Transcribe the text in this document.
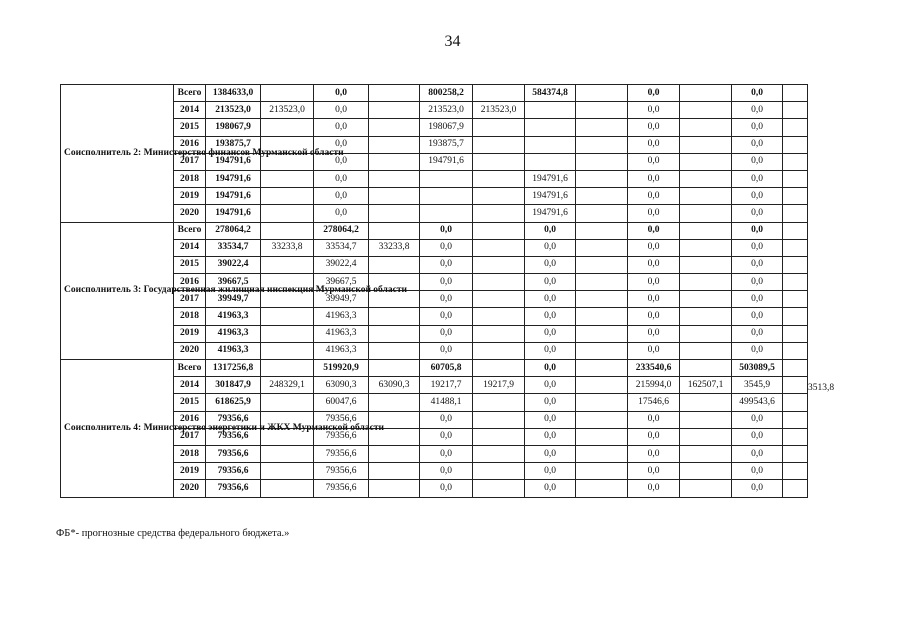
34
Соисполнитель 2: Министерство финансов Мурманской области	Всего	1384633,0		0,0		800258,2		584374,8		0,0		0,0	
	2014	213523,0	213523,0	0,0		213523,0	213523,0			0,0		0,0	
	2015	198067,9		0,0		198067,9				0,0		0,0	
	2016	193875,7		0,0		193875,7				0,0		0,0	
	2017	194791,6		0,0		194791,6				0,0		0,0	
	2018	194791,6		0,0				194791,6		0,0		0,0	
	2019	194791,6		0,0				194791,6		0,0		0,0	
	2020	194791,6		0,0				194791,6		0,0		0,0	
Соисполнитель 3: Государственная жилищная инспекция Мурманской области	Всего	278064,2		278064,2		0,0		0,0		0,0		0,0	
	2014	33534,7	33233,8	33534,7	33233,8	0,0		0,0		0,0		0,0	
	2015	39022,4		39022,4		0,0		0,0		0,0		0,0	
	2016	39667,5		39667,5		0,0		0,0		0,0		0,0	
	2017	39949,7		39949,7		0,0		0,0		0,0		0,0	
	2018	41963,3		41963,3		0,0		0,0		0,0		0,0	
	2019	41963,3		41963,3		0,0		0,0		0,0		0,0	
	2020	41963,3		41963,3		0,0		0,0		0,0		0,0	
Соисполнитель 4: Министерство энергетики и ЖКХ Мурманской области	Всего	1317256,8		519920,9		60705,8		0,0		233540,6		503089,5	
	2014	301847,9	248329,1	63090,3	63090,3	19217,7	19217,9	0,0		215994,0	162507,1	3545,9	3513,8
	2015	618625,9		60047,6		41488,1		0,0		17546,6		499543,6	
	2016	79356,6		79356,6		0,0		0,0		0,0		0,0	
	2017	79356,6		79356,6		0,0		0,0		0,0		0,0	
	2018	79356,6		79356,6		0,0		0,0		0,0		0,0	
	2019	79356,6		79356,6		0,0		0,0		0,0		0,0	
	2020	79356,6		79356,6		0,0		0,0		0,0		0,0	
ФБ*- прогнозные средства федерального бюджета.»
